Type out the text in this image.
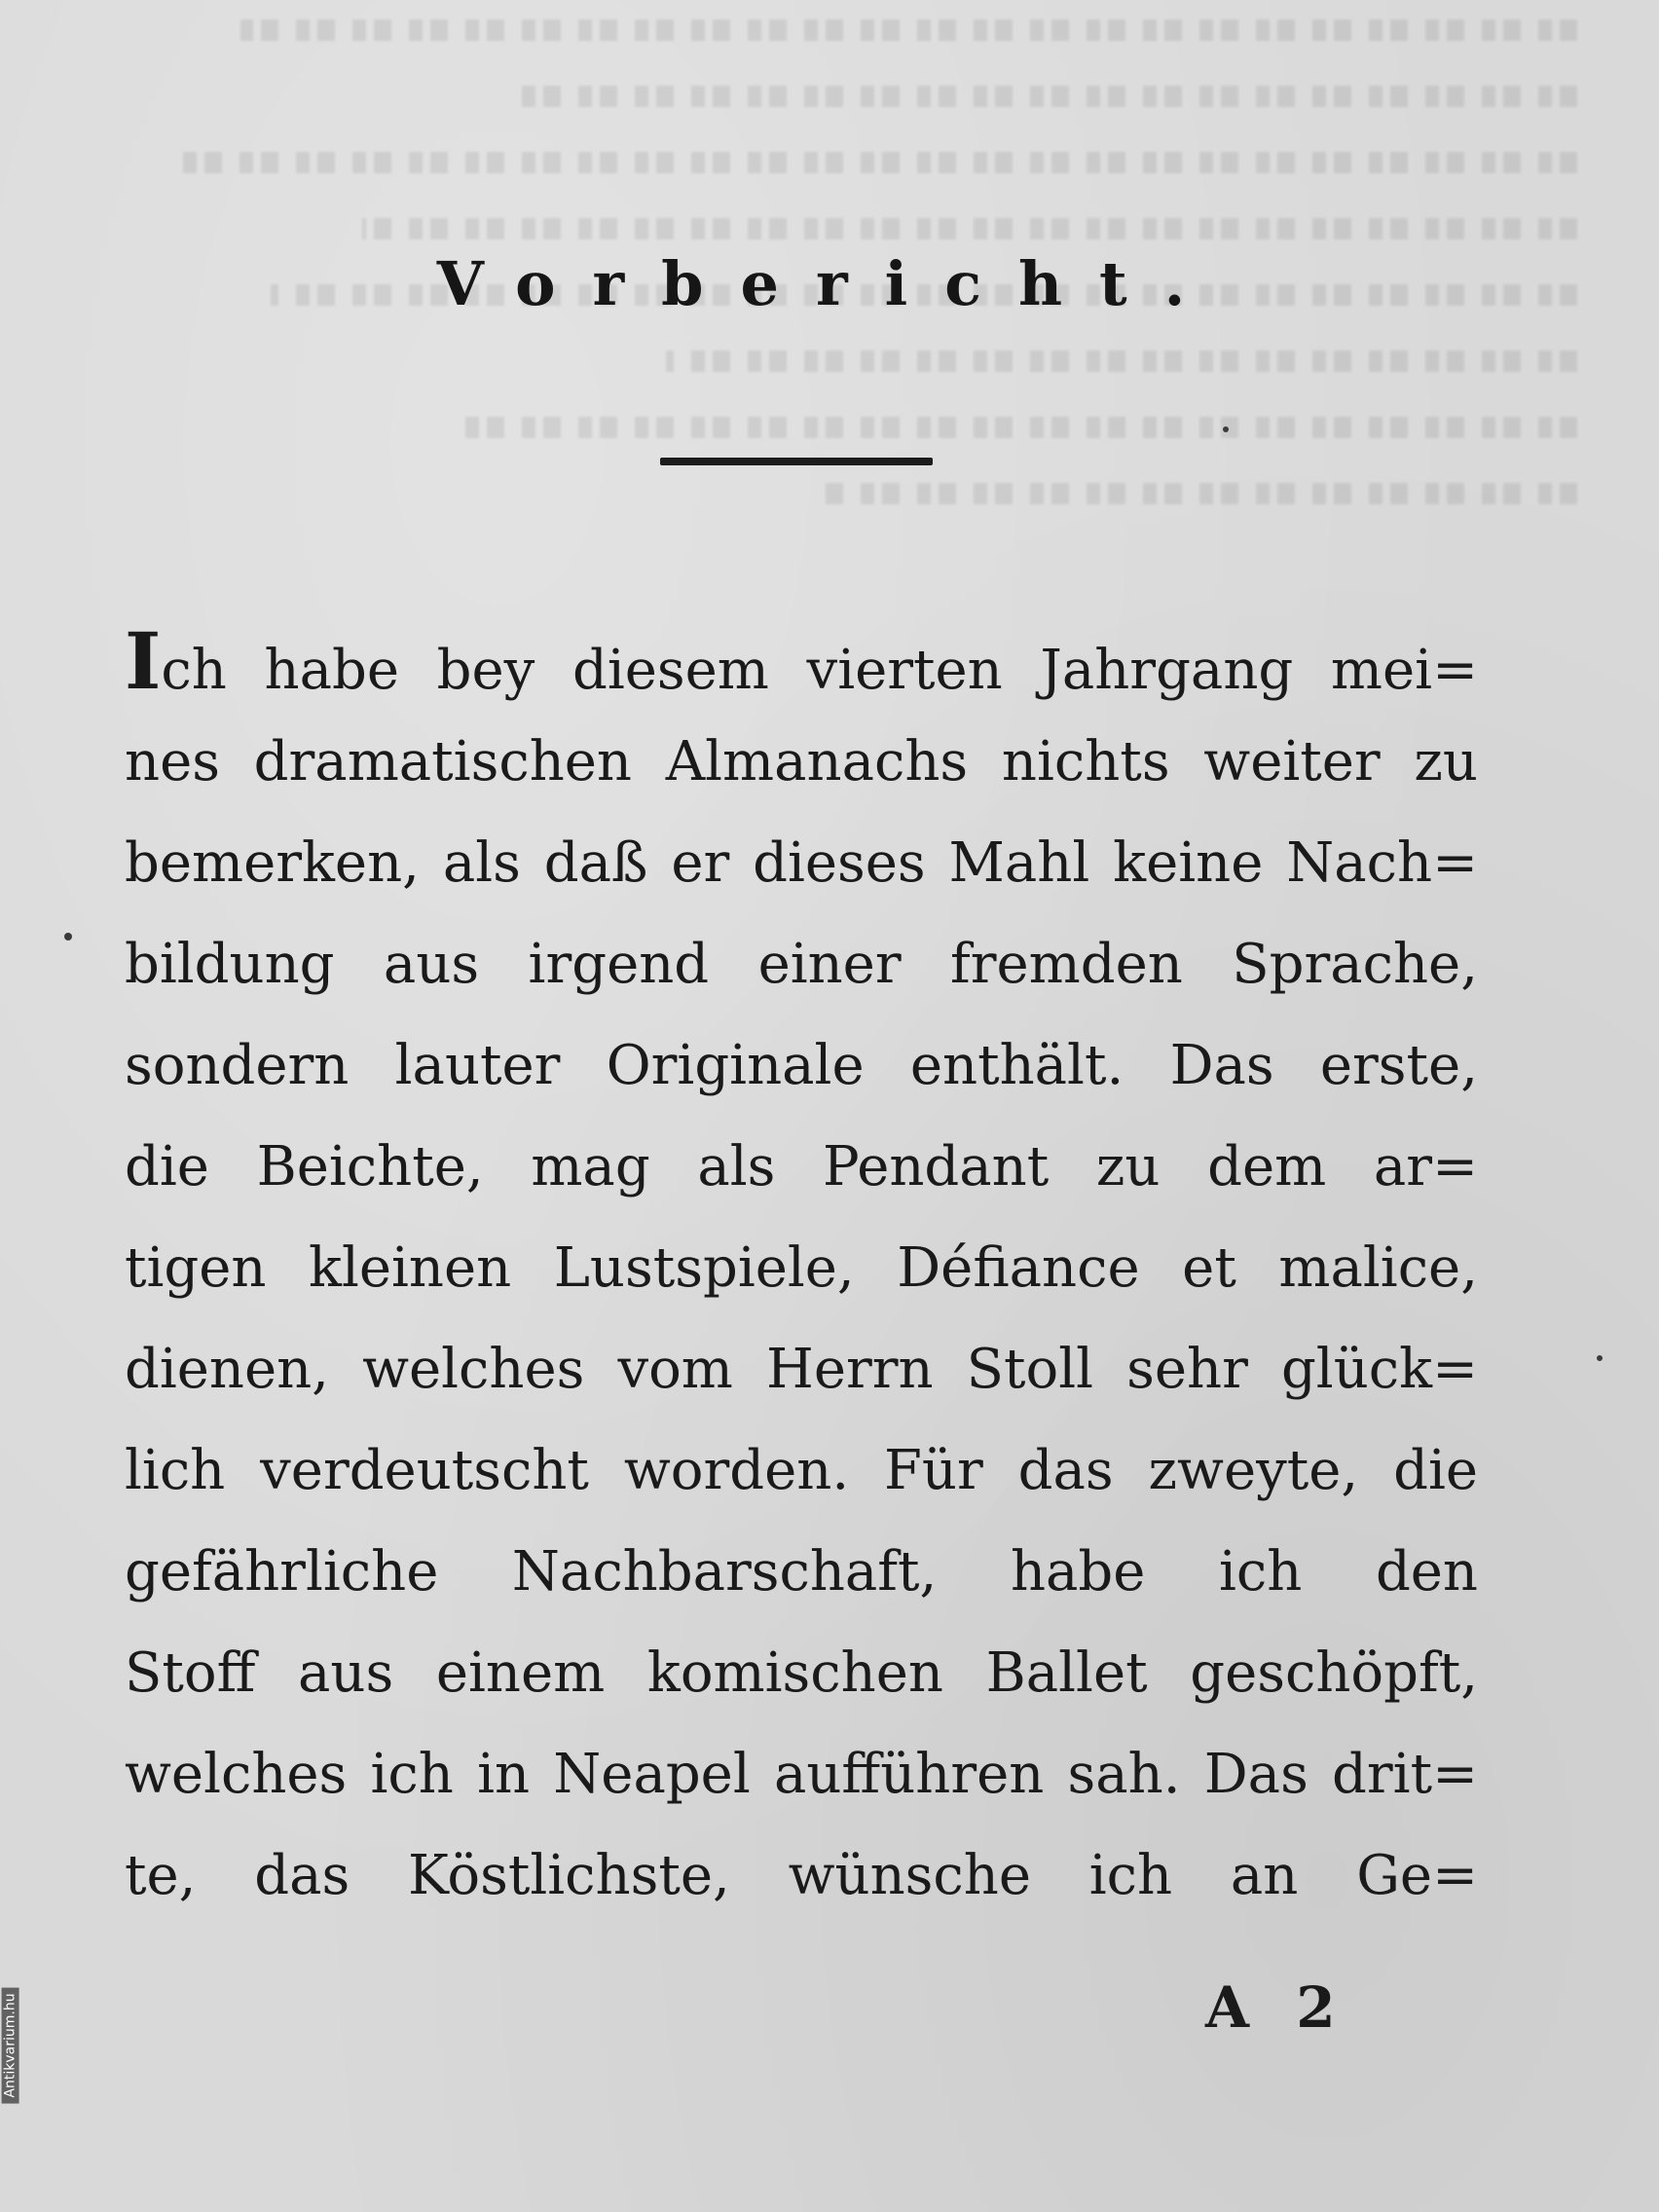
Vorbericht.
Ich habe bey diesem vierten Jahrgang mei=
nes dramatischen Almanachs nichts weiter zu
bemerken, als daß er dieses Mahl keine Nach=
bildung aus irgend einer fremden Sprache,
sondern lauter Originale enthält. Das erste,
die Beichte, mag als Pendant zu dem ar=
tigen kleinen Lustspiele, Défiance et malice,
dienen, welches vom Herrn Stoll sehr glück=
lich verdeutscht worden. Für das zweyte, die
gefährliche Nachbarschaft, habe ich den
Stoff aus einem komischen Ballet geschöpft,
welches ich in Neapel aufführen sah. Das drit=
te, das Köstlichste, wünsche ich an Ge=
A 2
Antikvarium.hu
